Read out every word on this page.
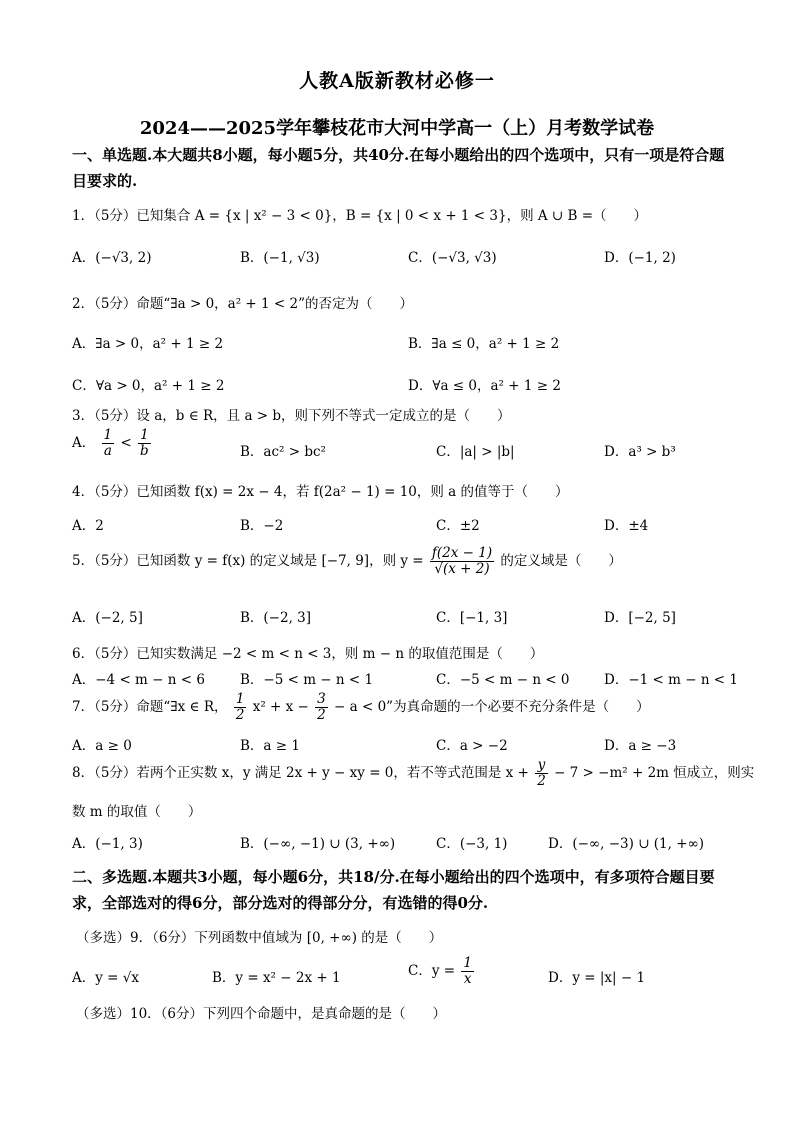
人教A版新教材必修一
2024——2025学年攀枝花市大河中学高一（上）月考数学试卷
一、单选题.本大题共8小题，每小题5分，共40分.在每小题给出的四个选项中，只有一项是符合题目要求的.
1．（5分）已知集合 A = {x | x² − 3 < 0}，B = {x | 0 < x + 1 < 3}，则 A ∪ B =（　　）
A．(−√3, 2)	B．(−1, √3)	C．(−√3, √3)	D．(−1, 2)
2．（5分）命题“∃a > 0，a² + 1 < 2”的否定为（　　）
A．∃a > 0，a² + 1 ≥ 2	B．∃a ≤ 0，a² + 1 ≥ 2
C．∀a > 0，a² + 1 ≥ 2	D．∀a ≤ 0，a² + 1 ≥ 2
3．（5分）设 a，b ∈ R，且 a > b，则下列不等式一定成立的是（　　）
A． $\frac{1}{a} < \frac{1}{b}$	B．ac² > bc²	C．|a| > |b|	D．a³ > b³
4．（5分）已知函数 f(x) = 2x − 4，若 f(2a² − 1) = 10，则 a 的值等于（　　）
A．2	B．−2	C．±2	D．±4
5．（5分）已知函数 y = f(x) 的定义域是 [−7, 9]，则 $y = \frac{f(2x - 1)}{√(x + 2)}$ 的定义域是（　　）
A．(−2, 5]	B．(−2, 3]	C．[−1, 3]	D．[−2, 5]
6．（5分）已知实数满足 −2 < m < n < 3，则 m − n 的取值范围是（　　）
A．−4 < m − n < 6	B．−5 < m − n < 1	C．−5 < m − n < 0	D．−1 < m − n < 1
7．（5分）命题“∃x ∈ R， $\frac{1}{2} x^2 + x - \frac{3}{2} - a < 0$”为真命题的一个必要不充分条件是（　　）
A．a ≥ 0	B．a ≥ 1	C．a > −2	D．a ≥ −3
8．（5分）若两个正实数 x，y 满足 2x + y − xy = 0，若不等式范围是 $x + \frac{y}{2} - 7 > -m^2 + 2m$ 恒成立，则实
数 m 的取值（　　）
A．(−1, 3)	B．(−∞, −1) ∪ (3, +∞)	C．(−3, 1)	D．(−∞, −3) ∪ (1, +∞)
二、多选题.本题共3小题，每小题6分，共18/分.在每小题给出的四个选项中，有多项符合题目要求，全部选对的得6分，部分选对的得部分分，有选错的得0分.
（多选）9．（6分）下列函数中值域为 [0, +∞) 的是（　　）
A．y = √x	B．y = x² − 2x + 1	C．$y = \frac{1}{x}$	D．y = |x| − 1
（多选）10．（6分）下列四个命题中，是真命题的是（　　）
